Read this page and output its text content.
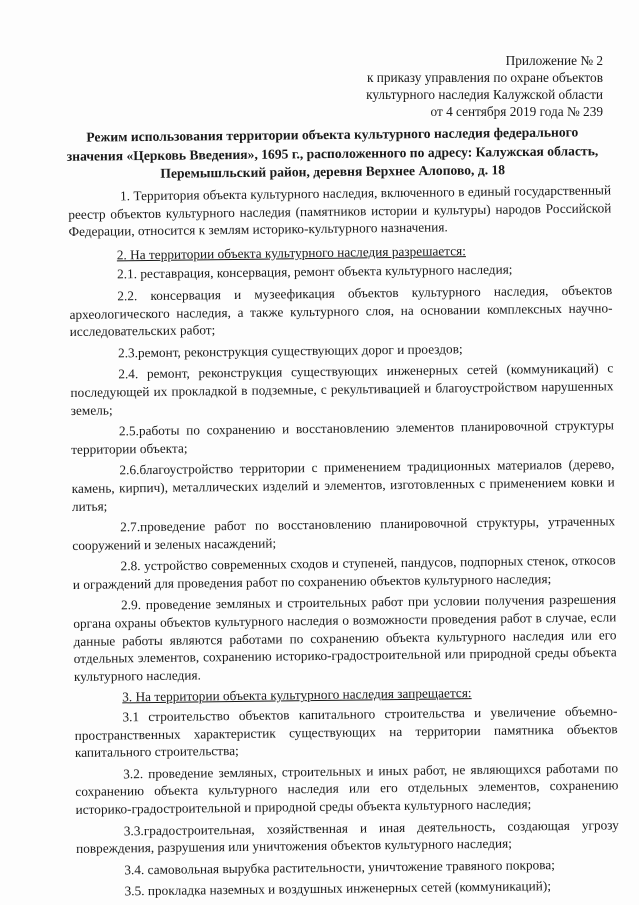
Приложение № 2
к приказу управления по охране объектов
культурного наследия Калужской области
от 4 сентября 2019 года № 239
Режим использования территории объекта культурного наследия федерального значения «Церковь Введения», 1695 г., расположенного по адресу: Калужская область, Перемышльский район, деревня Верхнее Алопово, д. 18

1. Территория объекта культурного наследия, включенного в единый государственный реестр объектов культурного наследия (памятников истории и культуры) народов Российской Федерации, относится к землям историко-культурного назначения.

2. На территории объекта культурного наследия разрешается:

2.1. реставрация, консервация, ремонт объекта культурного наследия;

2.2. консервация и музеефикация объектов культурного наследия, объектов археологического наследия, а также культурного слоя, на основании комплексных научно-исследовательских работ;

2.3.ремонт, реконструкция существующих дорог и проездов;

2.4. ремонт, реконструкция существующих инженерных сетей (коммуникаций) с последующей их прокладкой в подземные, с рекультивацией и благоустройством нарушенных земель;

2.5.работы по сохранению и восстановлению элементов планировочной структуры территории объекта;

2.6.благоустройство территории с применением традиционных материалов (дерево, камень, кирпич), металлических изделий и элементов, изготовленных с применением ковки и литья;

2.7.проведение работ по восстановлению планировочной структуры, утраченных сооружений и зеленых насаждений;

2.8. устройство современных сходов и ступеней, пандусов, подпорных стенок, откосов и ограждений для проведения работ по сохранению объектов культурного наследия;

2.9. проведение земляных и строительных работ при условии получения разрешения органа охраны объектов культурного наследия о возможности проведения работ в случае, если данные работы являются работами по сохранению объекта культурного наследия или его отдельных элементов, сохранению историко-градостроительной или природной среды объекта культурного наследия.

3. На территории объекта культурного наследия запрещается:

3.1 строительство объектов капитального строительства и увеличение объемно-пространственных характеристик существующих на территории памятника объектов капитального строительства;

3.2. проведение земляных, строительных и иных работ, не являющихся работами по сохранению объекта культурного наследия или его отдельных элементов, сохранению историко-градостроительной и природной среды объекта культурного наследия;

3.3.градостроительная, хозяйственная и иная деятельность, создающая угрозу повреждения, разрушения или уничтожения объектов культурного наследия;

3.4. самовольная вырубка растительности, уничтожение травяного покрова;

3.5. прокладка наземных и воздушных инженерных сетей (коммуникаций);
